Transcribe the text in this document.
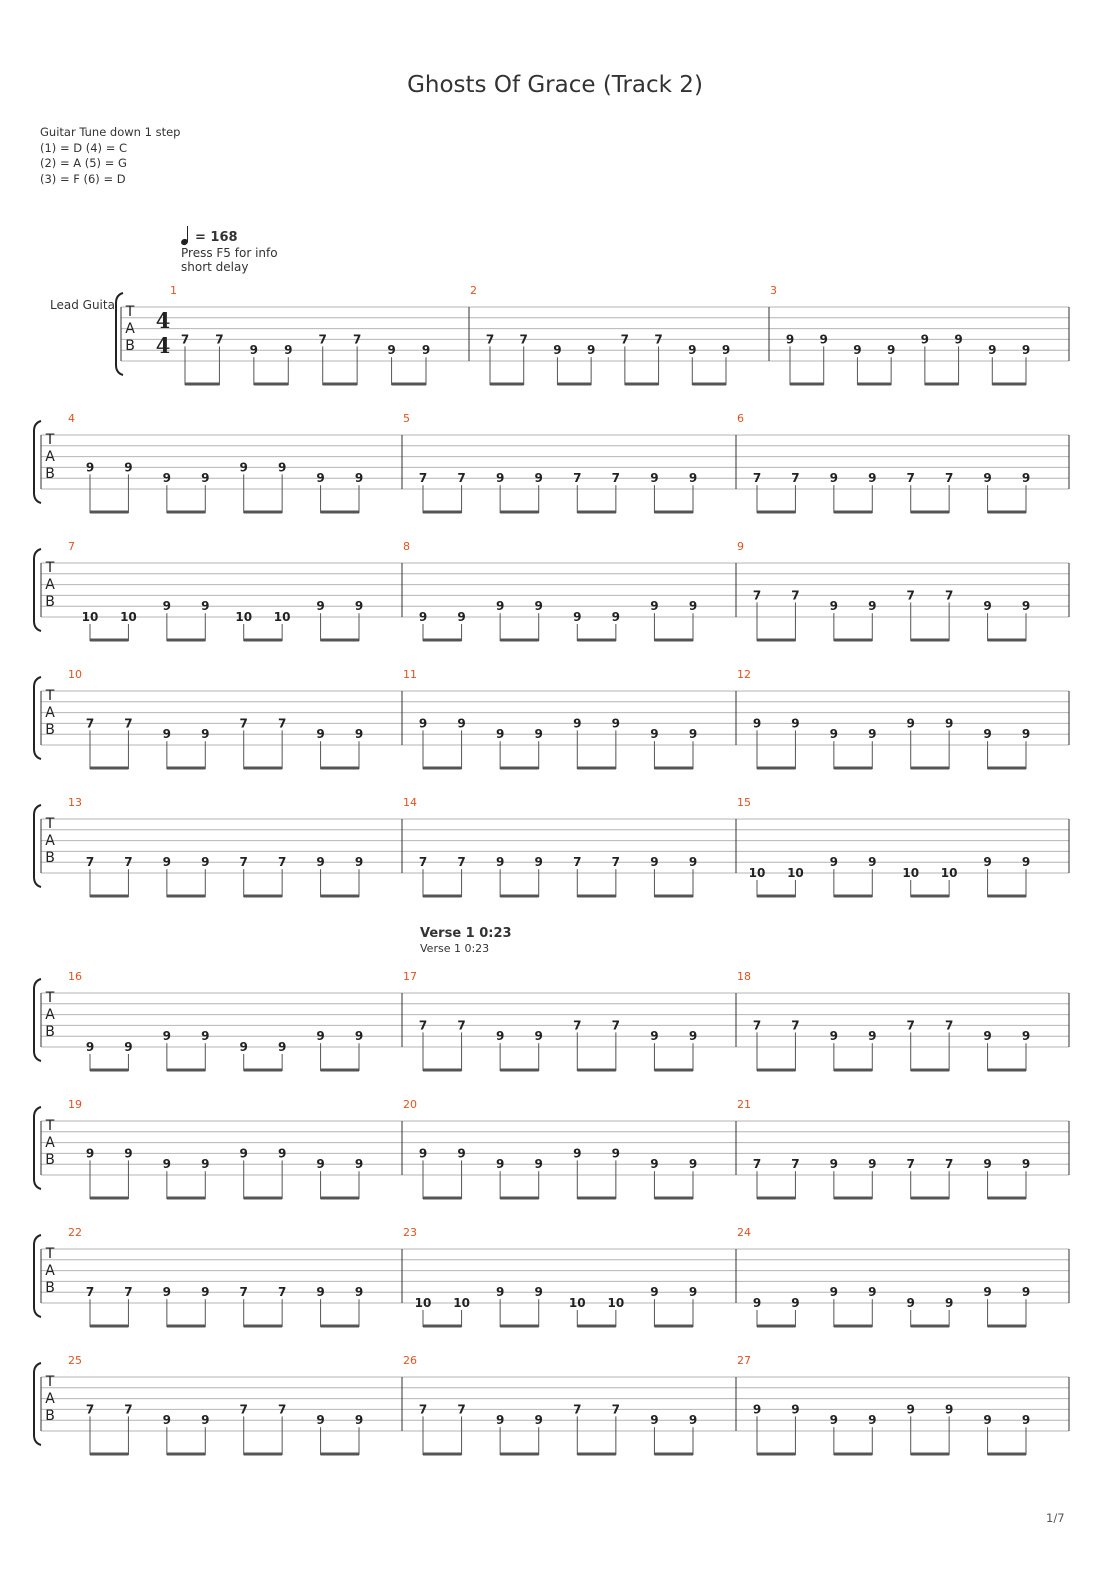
Ghosts Of Grace (Track 2)
Guitar Tune down 1 step
(1) = D (4) = C
(2) = A (5) = G
(3) = F (6) = D
= 168
Press F5 for info
short delay
Lead Guita
Verse 1 0:23
Verse 1 0:23
T
A
B
4
4
1
7 7
9 9
7 7
9 9
2
7 7
9 9
7 7
9 9
3
9 9
9 9
9 9
9 9
T
A
B
4
9	9
9	9
9	9
9	9
5
7	7	9	9	7	7	9	9
6
7	7	9	9	7	7	9	9
T
A
B
7
10 10
9	9
10 10
9	9
8
9	9
9	9
9	9
9	9
9
7	7
9	9
7	7
9	9
T
A
B
10
7	7
9	9
7	7
9	9
11
9	9
9	9
9	9
9	9
12
9	9
9	9
9	9
9	9
T
A
B
13
7	7	9	9	7	7	9	9
14
7	7	9	9	7	7	9	9
15
10 10
9	9
10 10
9	9
T
A
B
16
9	9
9	9
9	9
9	9
17
7	7
9	9
7	7
9	9
18
7	7
9	9
7	7
9	9
T
A
B
19
9	9
9	9
9	9
9	9
20
9	9
9	9
9	9
9	9
21
7	7	9	9	7	7	9	9
T
A
B
22
7	7	9	9	7	7	9	9
23
10 10
9	9
10 10
9	9
24
9	9
9	9
9	9
9	9
T
A
B
25
7	7
9	9
7	7
9	9
26
7	7
9	9
7	7
9	9
27
9	9
9	9
9	9
9	9
1/7
